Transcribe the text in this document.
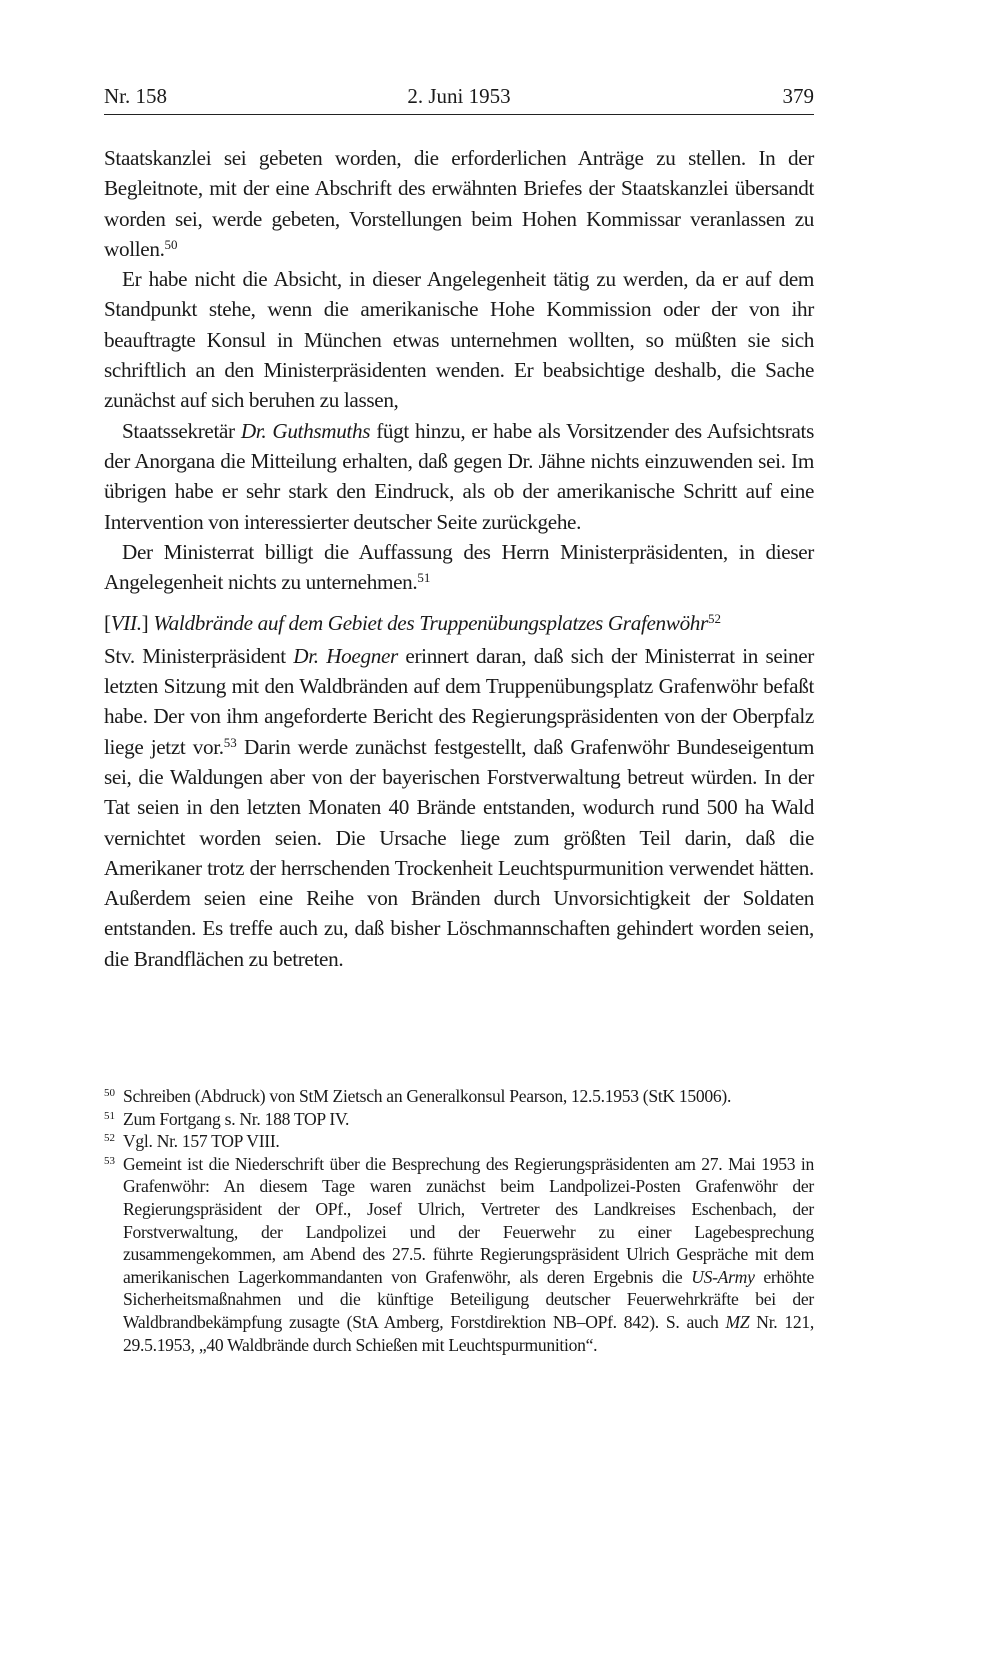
Nr. 158	2. Juni 1953	379

Staatskanzlei sei gebeten worden, die erforderlichen Anträge zu stellen. In der Begleitnote, mit der eine Abschrift des erwähnten Briefes der Staatskanzlei übersandt worden sei, werde gebeten, Vorstellungen beim Hohen Kommissar veranlassen zu wollen.$^{50}$

Er habe nicht die Absicht, in dieser Angelegenheit tätig zu werden, da er auf dem Standpunkt stehe, wenn die amerikanische Hohe Kommission oder der von ihr beauftragte Konsul in München etwas unternehmen wollten, so müßten sie sich schriftlich an den Ministerpräsidenten wenden. Er beabsichtige deshalb, die Sache zunächst auf sich beruhen zu lassen,

Staatssekretär Dr. Guthsmuths fügt hinzu, er habe als Vorsitzender des Aufsichtsrats der Anorgana die Mitteilung erhalten, daß gegen Dr. Jähne nichts einzuwenden sei. Im übrigen habe er sehr stark den Eindruck, als ob der amerikanische Schritt auf eine Intervention von interessierter deutscher Seite zurückgehe.

Der Ministerrat billigt die Auffassung des Herrn Ministerpräsidenten, in dieser Angelegenheit nichts zu unternehmen.$^{51}$

[VII.] Waldbrände auf dem Gebiet des Truppenübungsplatzes Grafenwöhr$^{52}$

Stv. Ministerpräsident Dr. Hoegner erinnert daran, daß sich der Ministerrat in seiner letzten Sitzung mit den Waldbränden auf dem Truppenübungsplatz Grafenwöhr befaßt habe. Der von ihm angeforderte Bericht des Regierungspräsidenten von der Oberpfalz liege jetzt vor.$^{53}$ Darin werde zunächst festgestellt, daß Grafenwöhr Bundeseigentum sei, die Waldungen aber von der bayerischen Forstverwaltung betreut würden. In der Tat seien in den letzten Monaten 40 Brände entstanden, wodurch rund 500 ha Wald vernichtet worden seien. Die Ursache liege zum größten Teil darin, daß die Amerikaner trotz der herrschenden Trockenheit Leuchtspurmunition verwendet hätten. Außerdem seien eine Reihe von Bränden durch Unvorsichtigkeit der Soldaten entstanden. Es treffe auch zu, daß bisher Löschmannschaften gehindert worden seien, die Brandflächen zu betreten.

50 Schreiben (Abdruck) von StM Zietsch an Generalkonsul Pearson, 12.5.1953 (StK 15006).
51 Zum Fortgang s. Nr. 188 TOP IV.
52 Vgl. Nr. 157 TOP VIII.
53 Gemeint ist die Niederschrift über die Besprechung des Regierungspräsidenten am 27. Mai 1953 in Grafenwöhr: An diesem Tage waren zunächst beim Landpolizei-Posten Grafenwöhr der Regierungspräsident der OPf., Josef Ulrich, Vertreter des Landkreises Eschenbach, der Forstverwaltung, der Landpolizei und der Feuerwehr zu einer Lagebesprechung zusammengekommen, am Abend des 27.5. führte Regierungspräsident Ulrich Gespräche mit dem amerikanischen Lagerkommandanten von Grafenwöhr, als deren Ergebnis die US-Army erhöhte Sicherheitsmaßnahmen und die künftige Beteiligung deutscher Feuerwehrkräfte bei der Waldbrandbekämpfung zusagte (StA Amberg, Forstdirektion NB–OPf. 842). S. auch MZ Nr. 121, 29.5.1953, „40 Waldbrände durch Schießen mit Leuchtspurmunition“.
